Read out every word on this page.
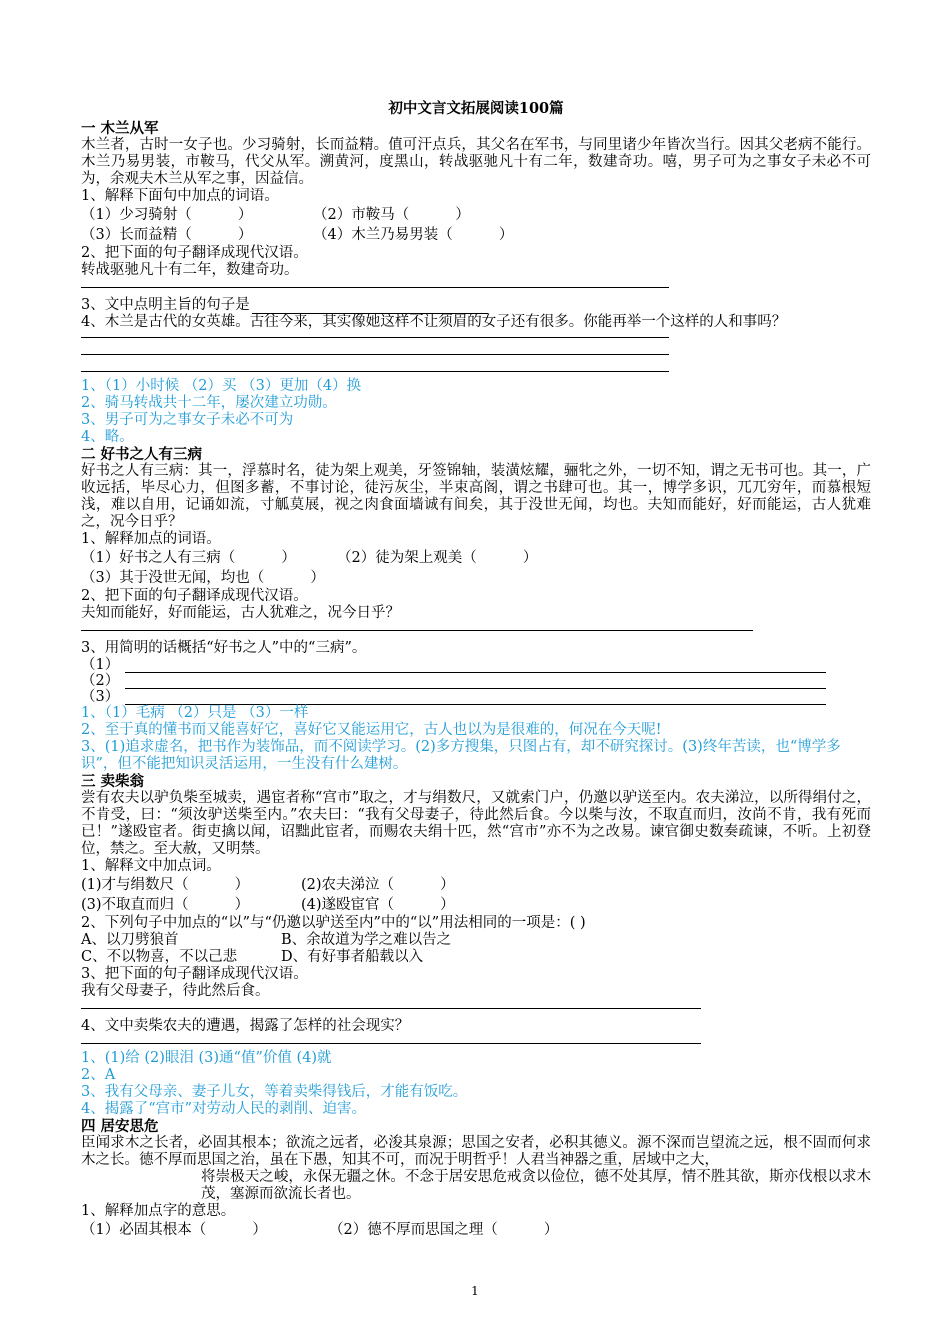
初中文言文拓展阅读100篇
一 木兰从军

木兰者，古时一女子也。少习骑射，长而益精。值可汗点兵，其父名在军书，与同里诸少年皆次当行。因其父老病不能行。木兰乃易男装，市鞍马，代父从军。溯黄河，度黑山，转战驱驰凡十有二年，数建奇功。嘻，男子可为之事女子未必不可为，余观夫木兰从军之事，因益信。

1、解释下面句中加点的词语。

（1）少习骑射（          ）	（2）市鞍马（          ）
（3）长而益精（          ）	（4）木兰乃易男装（          ）

2、把下面的句子翻译成现代汉语。

转战驱驰凡十有二年，数建奇功。

3、文中点明主旨的句子是

4、木兰是古代的女英雄。古往今来，其实像她这样不让须眉的女子还有很多。你能再举一个这样的人和事吗？

1、（1）小时候 （2）买 （3）更加（4）换

2、骑马转战共十二年，屡次建立功勋。

3、男子可为之事女子未必不可为

4、略。

二 好书之人有三病

好书之人有三病：其一，浮慕时名，徒为架上观美，牙签锦轴，装潢炫耀，骊牝之外，一切不知，谓之无书可也。其一，广收远括，毕尽心力，但图多蓄，不事讨论，徒污灰尘，半束高阁，谓之书肆可也。其一，博学多识，兀兀穷年，而慕根短浅，难以自用，记诵如流，寸觚莫展，视之肉食面墙诚有间矣，其于没世无闻，均也。夫知而能好，好而能运，古人犹难之，况今日乎？

1、解释加点的词语。

（1）好书之人有三病（          ）	（2）徒为架上观美（          ）
（3）其于没世无闻，均也（          ）

2、把下面的句子翻译成现代汉语。

夫知而能好，好而能运，古人犹难之，况今日乎？

3、用简明的话概括“好书之人”中的“三病”。

（1）
（2）
（3）

1、（1）毛病 （2）只是 （3）一样

2、至于真的懂书而又能喜好它，喜好它又能运用它，古人也以为是很难的，何况在今天呢!

3、(1)追求虚名，把书作为装饰品，而不阅读学习。(2)多方搜集，只图占有，却不研究探讨。(3)终年苦读，也“博学多识”，但不能把知识灵活运用，一生没有什么建树。

三 卖柴翁

尝有农夫以驴负柴至城卖，遇宦者称“宫市”取之，才与绢数尺，又就索门户，仍邀以驴送至内。农夫涕泣，以所得绢付之，不肯受，曰：“须汝驴送柴至内。”农夫曰：“我有父母妻子，待此然后食。今以柴与汝，不取直而归，汝尚不肯，我有死而已！”遂殴宦者。街吏擒以闻，诏黜此宦者，而赐农夫绢十匹，然“宫市”亦不为之改易。谏官御史数奏疏谏，不听。上初登位，禁之。至大赦，又明禁。

1、解释文中加点词。

(1)才与绢数尺（          ）	(2)农夫涕泣（          ）
(3)不取直而归（          ）	(4)遂殴宦官（          ）

2、下列句子中加点的“以”与“仍邀以驴送至内”中的“以”用法相同的一项是：( )

A、以刀劈狼首	B、余故道为学之难以告之
C、不以物喜，不以己悲	D、有好事者船载以入

3、把下面的句子翻译成现代汉语。

我有父母妻子，待此然后食。

4、文中卖柴农夫的遭遇，揭露了怎样的社会现实？

1、(1)给 (2)眼泪 (3)通“值”价值 (4)就

2、A

3、我有父母亲、妻子儿女，等着卖柴得钱后，才能有饭吃。

4、揭露了“宫市”对劳动人民的剥削、迫害。

四 居安思危

臣闻求木之长者，必固其根本；欲流之远者，必浚其泉源；思国之安者，必积其德义。源不深而岂望流之远，根不固而何求木之长。德不厚而思国之治，虽在下愚，知其不可，而况于明哲乎！人君当神器之重，居域中之大，

将崇极天之峻，永保无疆之休。不念于居安思危戒贪以俭位，德不处其厚，情不胜其欲，斯亦伐根以求木茂，塞源而欲流长者也。

1、解释加点字的意思。

（1）必固其根本（          ）	（2）德不厚而思国之理（          ）
1
